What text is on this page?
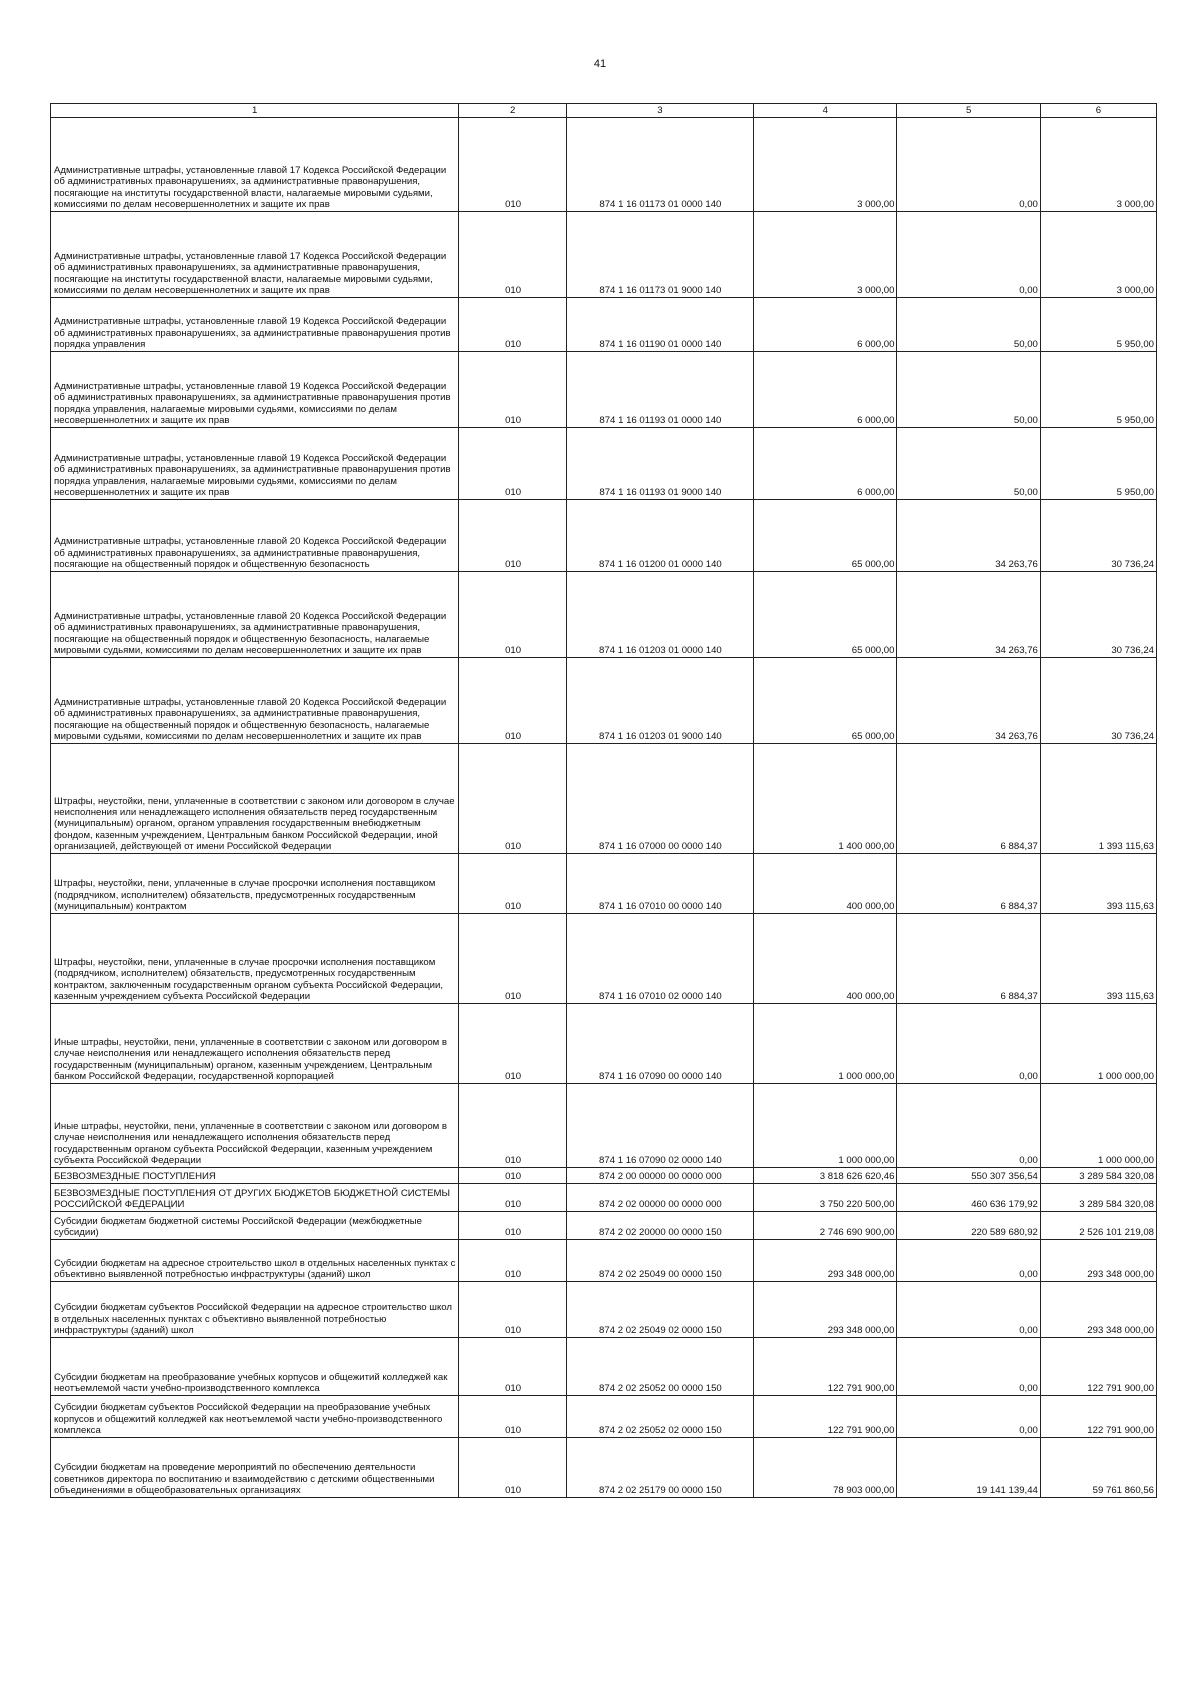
41
1	2	3	4	5	6
Административные штрафы, установленные главой 17 Кодекса Российской Федерации об административных правонарушениях, за административные правонарушения, посягающие на институты государственной власти, налагаемые мировыми судьями, комиссиями по делам несовершеннолетних и защите их прав	010	874 1 16 01173 01 0000 140	3 000,00	0,00	3 000,00
Административные штрафы, установленные главой 17 Кодекса Российской Федерации об административных правонарушениях, за административные правонарушения, посягающие на институты государственной власти, налагаемые мировыми судьями, комиссиями по делам несовершеннолетних и защите их прав	010	874 1 16 01173 01 9000 140	3 000,00	0,00	3 000,00
Административные штрафы, установленные главой 19 Кодекса Российской Федерации об административных правонарушениях, за административные правонарушения против порядка управления	010	874 1 16 01190 01 0000 140	6 000,00	50,00	5 950,00
Административные штрафы, установленные главой 19 Кодекса Российской Федерации об административных правонарушениях, за административные правонарушения против порядка управления, налагаемые мировыми судьями, комиссиями по делам несовершеннолетних и защите их прав	010	874 1 16 01193 01 0000 140	6 000,00	50,00	5 950,00
Административные штрафы, установленные главой 19 Кодекса Российской Федерации об административных правонарушениях, за административные правонарушения против порядка управления, налагаемые мировыми судьями, комиссиями по делам несовершеннолетних и защите их прав	010	874 1 16 01193 01 9000 140	6 000,00	50,00	5 950,00
Административные штрафы, установленные главой 20 Кодекса Российской Федерации об административных правонарушениях, за административные правонарушения, посягающие на общественный порядок и общественную безопасность	010	874 1 16 01200 01 0000 140	65 000,00	34 263,76	30 736,24
Административные штрафы, установленные главой 20 Кодекса Российской Федерации об административных правонарушениях, за административные правонарушения, посягающие на общественный порядок и общественную безопасность, налагаемые мировыми судьями, комиссиями по делам несовершеннолетних и защите их прав	010	874 1 16 01203 01 0000 140	65 000,00	34 263,76	30 736,24
Административные штрафы, установленные главой 20 Кодекса Российской Федерации об административных правонарушениях, за административные правонарушения, посягающие на общественный порядок и общественную безопасность, налагаемые мировыми судьями, комиссиями по делам несовершеннолетних и защите их прав	010	874 1 16 01203 01 9000 140	65 000,00	34 263,76	30 736,24
Штрафы, неустойки, пени, уплаченные в соответствии с законом или договором в случае неисполнения или ненадлежащего исполнения обязательств перед государственным (муниципальным) органом, органом управления государственным внебюджетным фондом, казенным учреждением, Центральным банком Российской Федерации, иной организацией, действующей от имени Российской Федерации	010	874 1 16 07000 00 0000 140	1 400 000,00	6 884,37	1 393 115,63
Штрафы, неустойки, пени, уплаченные в случае просрочки исполнения поставщиком (подрядчиком, исполнителем) обязательств, предусмотренных государственным (муниципальным) контрактом	010	874 1 16 07010 00 0000 140	400 000,00	6 884,37	393 115,63
Штрафы, неустойки, пени, уплаченные в случае просрочки исполнения поставщиком (подрядчиком, исполнителем) обязательств, предусмотренных государственным контрактом, заключенным государственным органом субъекта Российской Федерации, казенным учреждением субъекта Российской Федерации	010	874 1 16 07010 02 0000 140	400 000,00	6 884,37	393 115,63
Иные штрафы, неустойки, пени, уплаченные в соответствии с законом или договором в случае неисполнения или ненадлежащего исполнения обязательств перед государственным (муниципальным) органом, казенным учреждением, Центральным банком Российской Федерации, государственной корпорацией	010	874 1 16 07090 00 0000 140	1 000 000,00	0,00	1 000 000,00
Иные штрафы, неустойки, пени, уплаченные в соответствии с законом или договором в случае неисполнения или ненадлежащего исполнения обязательств перед государственным органом субъекта Российской Федерации, казенным учреждением субъекта Российской Федерации	010	874 1 16 07090 02 0000 140	1 000 000,00	0,00	1 000 000,00
БЕЗВОЗМЕЗДНЫЕ ПОСТУПЛЕНИЯ	010	874 2 00 00000 00 0000 000	3 818 626 620,46	550 307 356,54	3 289 584 320,08
БЕЗВОЗМЕЗДНЫЕ ПОСТУПЛЕНИЯ ОТ ДРУГИХ БЮДЖЕТОВ БЮДЖЕТНОЙ СИСТЕМЫ РОССИЙСКОЙ ФЕДЕРАЦИИ	010	874 2 02 00000 00 0000 000	3 750 220 500,00	460 636 179,92	3 289 584 320,08
Субсидии бюджетам бюджетной системы Российской Федерации (межбюджетные субсидии)	010	874 2 02 20000 00 0000 150	2 746 690 900,00	220 589 680,92	2 526 101 219,08
Субсидии бюджетам на адресное строительство школ в отдельных населенных пунктах с объективно выявленной потребностью инфраструктуры (зданий) школ	010	874 2 02 25049 00 0000 150	293 348 000,00	0,00	293 348 000,00
Субсидии бюджетам субъектов Российской Федерации на адресное строительство школ в отдельных населенных пунктах с объективно выявленной потребностью инфраструктуры (зданий) школ	010	874 2 02 25049 02 0000 150	293 348 000,00	0,00	293 348 000,00
Субсидии бюджетам на преобразование учебных корпусов и общежитий колледжей как неотъемлемой части учебно-производственного комплекса	010	874 2 02 25052 00 0000 150	122 791 900,00	0,00	122 791 900,00
Субсидии бюджетам субъектов Российской Федерации на преобразование учебных корпусов и общежитий колледжей как неотъемлемой части учебно-производственного комплекса	010	874 2 02 25052 02 0000 150	122 791 900,00	0,00	122 791 900,00
Субсидии бюджетам на проведение мероприятий по обеспечению деятельности советников директора по воспитанию и взаимодействию с детскими общественными объединениями в общеобразовательных организациях	010	874 2 02 25179 00 0000 150	78 903 000,00	19 141 139,44	59 761 860,56
